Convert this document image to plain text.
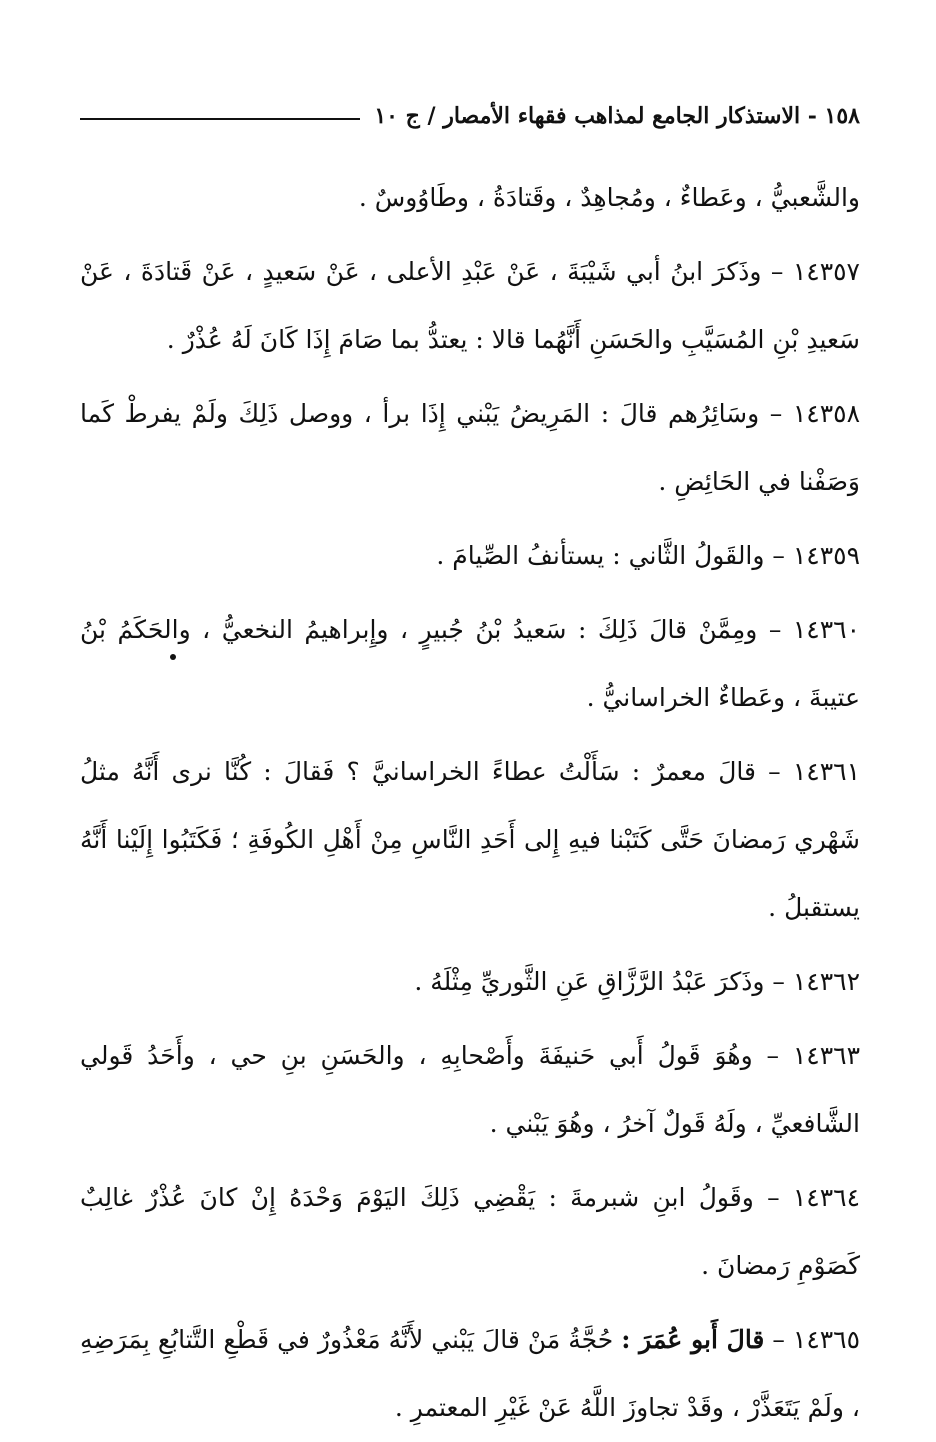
١٥٨ - الاستذكار الجامع لمذاهب فقهاء الأمصار / ج ١٠

والشَّعبيُّ ، وعَطاءٌ ، ومُجاهِدٌ ، وقَتادَةُ ، وطَاوُوسٌ .

١٤٣٥٧ – وذَكرَ ابنُ أبي شَيْبَةَ ، عَنْ عَبْدِ الأعلى ، عَنْ سَعيدٍ ، عَنْ قَتادَةَ ، عَنْ سَعيدِ بْنِ المُسَيَّبِ والحَسَنِ أَنَّهُما قالا : يعتدُّ بما صَامَ إِذَا كَانَ لَهُ عُذْرٌ .

١٤٣٥٨ – وسَائِرُهم قالَ : المَرِيضُ يَبْني إِذَا برأ ، ووصل ذَلِكَ ولَمْ يفرطْ كَما وَصَفْنا في الحَائِضِ .

١٤٣٥٩ – والقَولُ الثَّاني : يستأنفُ الصِّيامَ .

١٤٣٦٠ – ومِمَّنْ قالَ ذَلِكَ : سَعيدُ بْنُ جُبيرٍ ، وإِبراهيمُ النخعيُّ ، والحَكَمُ بْنُ عتيبةَ ، وعَطاءٌ الخراسانيُّ .

١٤٣٦١ – قالَ معمرٌ : سَأَلْتُ عطاءً الخراسانيَّ ؟ فَقالَ : كُنَّا نرى أَنَّهُ مثلُ شَهْري رَمضانَ حَتَّى كَتَبْنا فيهِ إِلى أَحَدِ النَّاسِ مِنْ أَهْلِ الكُوفَةِ ؛ فَكَتَبُوا إِلَيْنا أَنَّهُ يستقبلُ .

١٤٣٦٢ – وذَكرَ عَبْدُ الرَّزَّاقِ عَنِ الثَّوريِّ مِثْلَهُ .

١٤٣٦٣ – وهُوَ قَولُ أَبي حَنيفَةَ وأَصْحابِهِ ، والحَسَنِ بنِ حي ، وأَحَدُ قَولي الشَّافعيِّ ، ولَهُ قَولٌ آخرُ ، وهُوَ يَبْني .

١٤٣٦٤ – وقَولُ ابنِ شبرمةَ : يَقْضِي ذَلِكَ اليَوْمَ وَحْدَهُ إِنْ كانَ عُذْرٌ غالِبٌ كَصَوْمِ رَمضانَ .

١٤٣٦٥ – قالَ أَبو عُمَرَ : حُجَّةُ مَنْ قالَ يَبْني لأَنَّهُ مَعْذُورٌ في قَطْعِ التَّتابُعِ بِمَرَضِهِ ، ولَمْ يَتَعَذَّرْ ، وقَدْ تجاوزَ اللَّهُ عَنْ غَيْرِ المعتمرِ .
